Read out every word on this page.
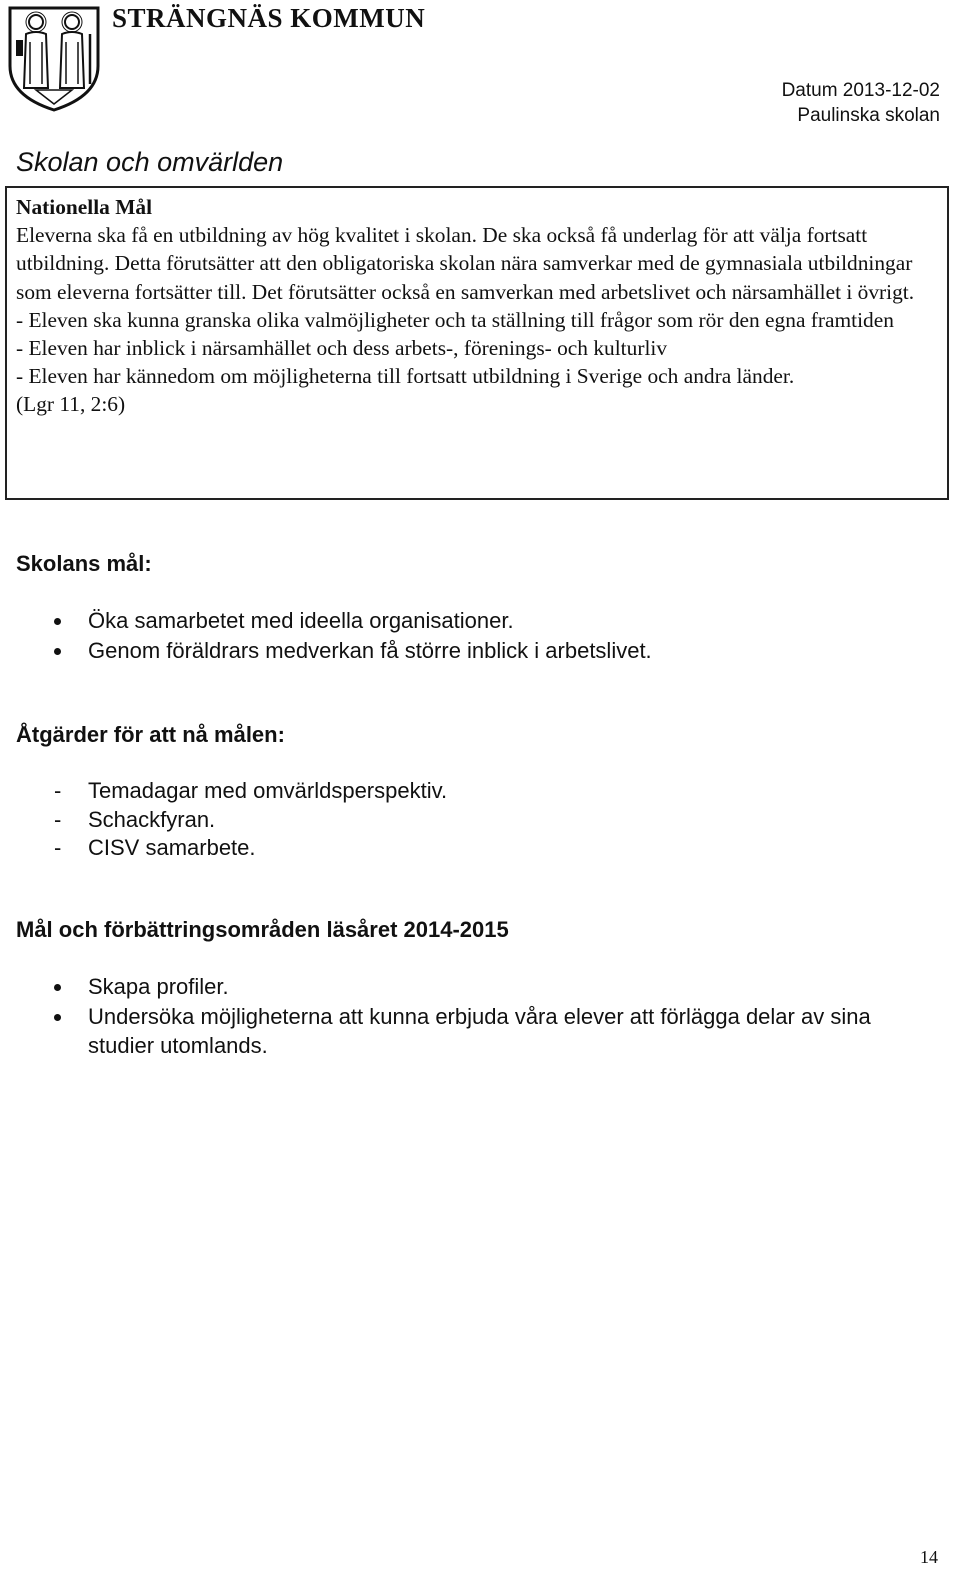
STRÄNGNÄS KOMMUN
Datum 2013-12-02
Paulinska skolan
Skolan och omvärlden

Nationella Mål

Eleverna ska få en utbildning av hög kvalitet i skolan. De ska också få underlag för att välja fortsatt utbildning. Detta förutsätter att den obligatoriska skolan nära samverkar med de gymnasiala utbildningar som eleverna fortsätter till. Det förutsätter också en samverkan med arbetslivet och närsamhället i övrigt.

- Eleven ska kunna granska olika valmöjligheter och ta ställning till frågor som rör den egna framtiden

- Eleven har inblick i närsamhället och dess arbets-, förenings- och kulturliv

- Eleven har kännedom om möjligheterna till fortsatt utbildning i Sverige och andra länder.

(Lgr 11, 2:6)

Skolans mål:
Öka samarbetet med ideella organisationer.
Genom föräldrars medverkan få större inblick i arbetslivet.
Åtgärder för att nå målen:
- Temadagar med omvärldsperspektiv.
- Schackfyran.
- CISV samarbete.
Mål och förbättringsområden läsåret 2014-2015
Skapa profiler.
Undersöka möjligheterna att kunna erbjuda våra elever att förlägga delar av sina studier utomlands.
14
